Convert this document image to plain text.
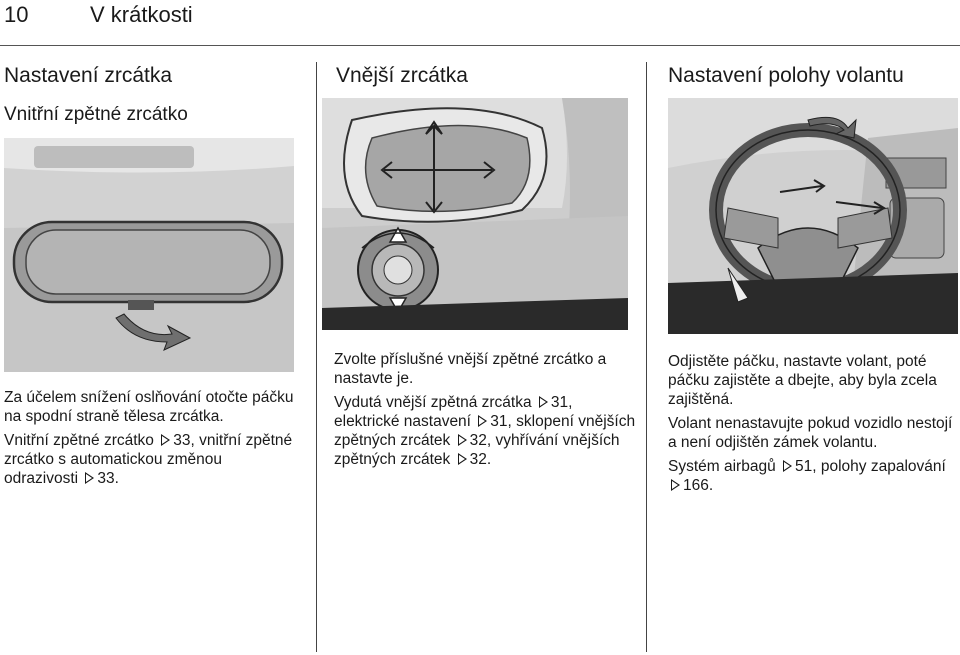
10	V krátkosti
Nastavení zrcátka
Vnitřní zpětné zrcátko

Za účelem snížení oslňování otočte páčku na spodní straně tělesa zrcátka.

Vnitřní zpětné zrcátko 33, vnitřní zpětné zrcátko s automatickou změnou odrazivosti 33.

Vnější zrcátka

Zvolte příslušné vnější zpětné zrcátko a nastavte je.

Vydutá vnější zpětná zrcátka 31, elektrické nastavení 31, sklopení vnějších zpětných zrcátek 32, vyhřívání vnějších zpětných zrcátek 32.

Nastavení polohy volantu

Odjistěte páčku, nastavte volant, poté páčku zajistěte a dbejte, aby byla zcela zajištěná.

Volant nenastavujte pokud vozidlo nestojí a není odjištěn zámek volantu.

Systém airbagů 51, polohy zapalování 166.
